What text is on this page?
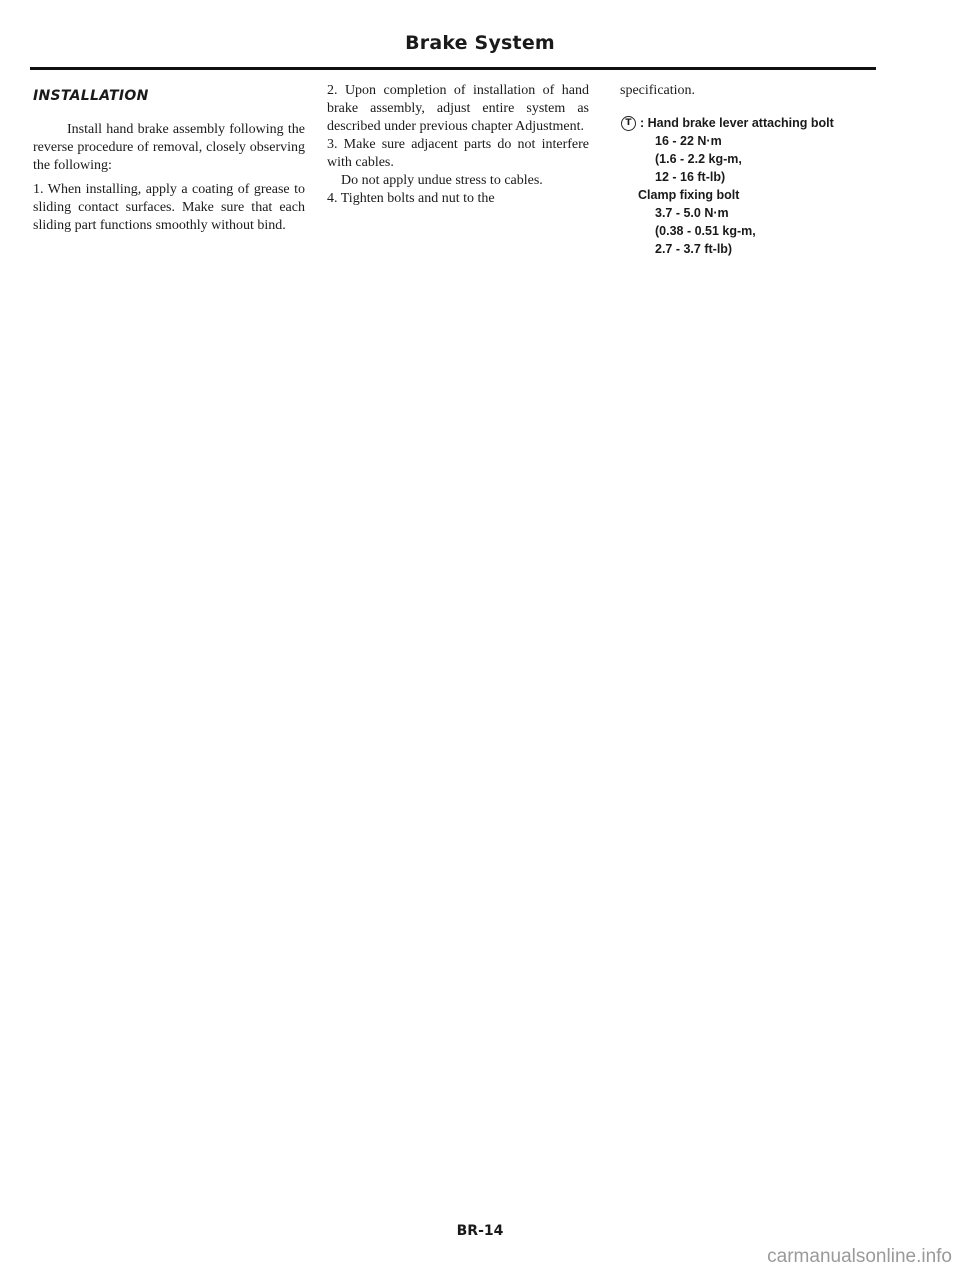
Brake System
INSTALLATION

Install hand brake assembly following the reverse procedure of removal, closely observing the following:

1. When installing, apply a coating of grease to sliding contact surfaces. Make sure that each sliding part functions smoothly without bind.

2. Upon completion of installation of hand brake assembly, adjust entire system as described under previous chapter Adjustment.

3. Make sure adjacent parts do not interfere with cables.

Do not apply undue stress to cables.

4. Tighten bolts and nut to the

specification.

T : Hand brake lever attaching bolt
16 - 22 N·m
(1.6 - 2.2 kg-m,
12 - 16 ft-lb)
Clamp fixing bolt
3.7 - 5.0 N·m
(0.38 - 0.51 kg-m,
2.7 - 3.7 ft-lb)
BR-14
carmanualsonline.info
